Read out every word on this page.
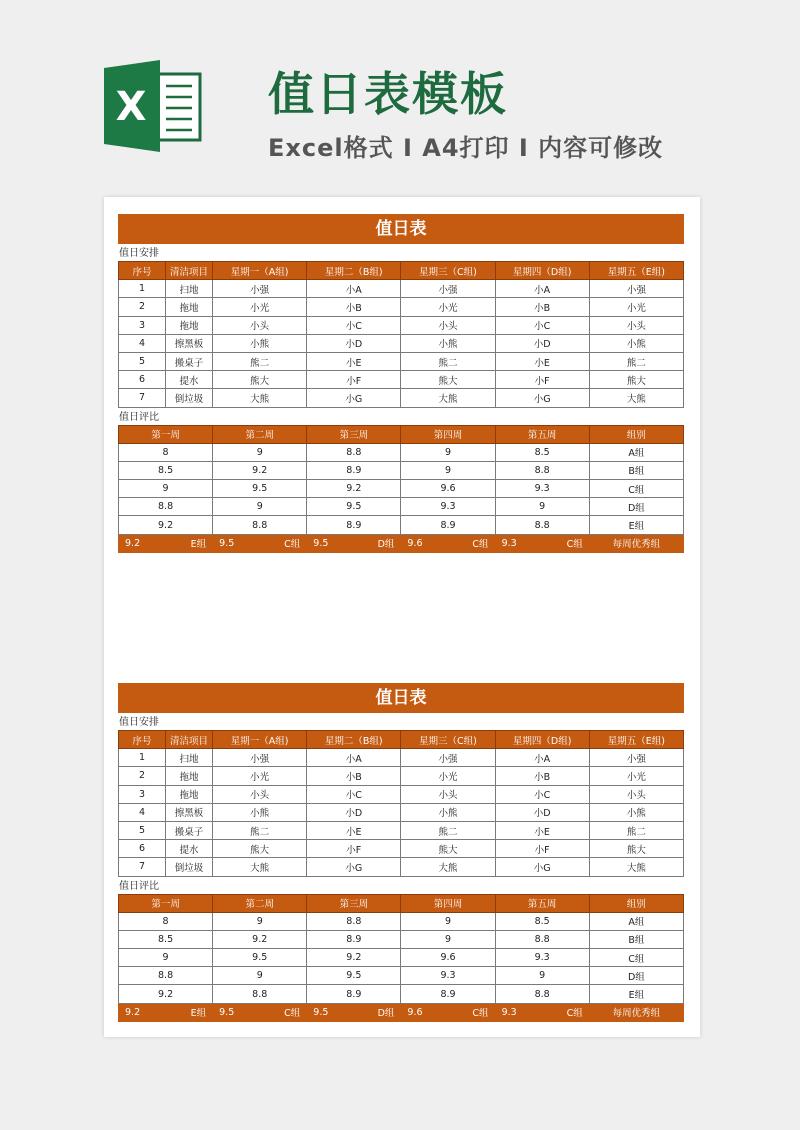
X	值日表模板
Excel格式 I A4打印 I 内容可修改
值日表
值日安排
序号	清洁项目	星期一（A组)	星期二（B组)	星期三（C组)	星期四（D组)	星期五（E组)
1	扫地	小强	小A	小强	小A	小强
2	拖地	小光	小B	小光	小B	小光
3	拖地	小头	小C	小头	小C	小头
4	擦黑板	小熊	小D	小熊	小D	小熊
5	搬桌子	熊二	小E	熊二	小E	熊二
6	提水	熊大	小F	熊大	小F	熊大
7	倒垃圾	大熊	小G	大熊	小G	大熊
值日评比
第一周		第二周		第三周		第四周		第五周		组别
8		9		8.8		9		8.5		A组
8.5		9.2		8.9		9		8.8		B组
9		9.5		9.2		9.6		9.3		C组
8.8		9		9.5		9.3		9		D组
9.2		8.8		8.9		8.9		8.8		E组
9.2	E组	9.5	C组	9.5	D组	9.6	C组	9.3	C组	每周优秀组
值日表
值日安排
序号	清洁项目	星期一（A组)	星期二（B组)	星期三（C组)	星期四（D组)	星期五（E组)
1	扫地	小强	小A	小强	小A	小强
2	拖地	小光	小B	小光	小B	小光
3	拖地	小头	小C	小头	小C	小头
4	擦黑板	小熊	小D	小熊	小D	小熊
5	搬桌子	熊二	小E	熊二	小E	熊二
6	提水	熊大	小F	熊大	小F	熊大
7	倒垃圾	大熊	小G	大熊	小G	大熊
值日评比
第一周		第二周		第三周		第四周		第五周		组别
8		9		8.8		9		8.5		A组
8.5		9.2		8.9		9		8.8		B组
9		9.5		9.2		9.6		9.3		C组
8.8		9		9.5		9.3		9		D组
9.2		8.8		8.9		8.9		8.8		E组
9.2	E组	9.5	C组	9.5	D组	9.6	C组	9.3	C组	每周优秀组
